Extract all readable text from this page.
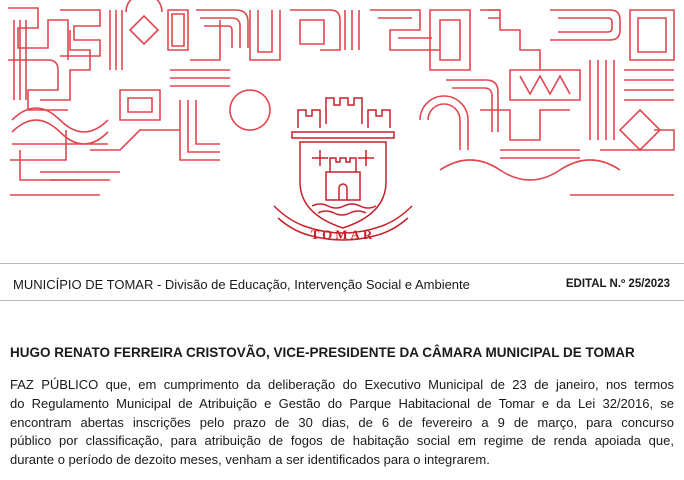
TOMAR
MUNICÍPIO DE TOMAR - Divisão de Educação, Intervenção Social e Ambiente	EDITAL N.º 25/2023
HUGO RENATO FERREIRA CRISTOVÃO, VICE-PRESIDENTE DA CÂMARA MUNICIPAL DE TOMAR
FAZ PÚBLICO que, em cumprimento da deliberação do Executivo Municipal de 23 de janeiro, nos termos
do Regulamento Municipal de Atribuição e Gestão do Parque Habitacional de Tomar e da Lei 32/2016, se
encontram abertas inscrições pelo prazo de 30 dias, de 6 de fevereiro a 9 de março, para concurso
público por classificação, para atribuição de fogos de habitação social em regime de renda apoiada que,
durante o período de dezoito meses, venham a ser identificados para o integrarem.
